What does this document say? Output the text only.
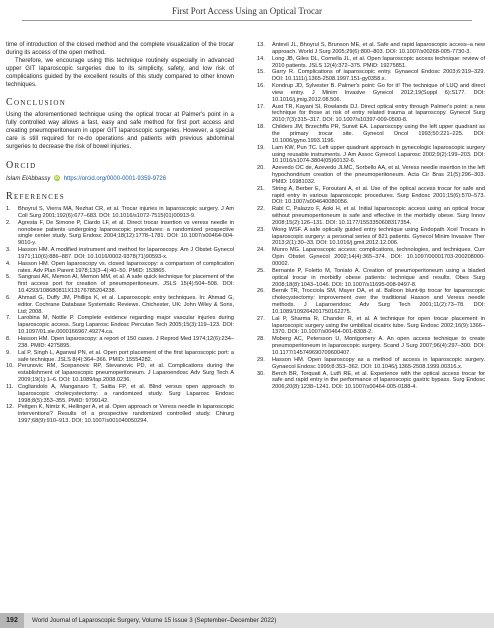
First Port Access Using an Optical Trocar

time of introduction of the closed method and the complete visualization of the trocar during its access of the open method.

Therefore, we encourage using this technique routinely especially in advanced upper GIT laparoscopic surgeries due to its simplicity, safety, and low risk of complications guided by the excellent results of this study compared to other known techniques.

Conclusion

Using the aforementioned technique using the optical trocar at Palmer's point in a fully controlled way allows a fast, easy and safe method for first port access and creating pneumoperitoneum in upper GIT laparoscopic surgeries. However, a special care is still required for re-do operations and patients with previous abdominal surgeries to decrease the risk of bowel injuries.

Orcid

Islam ElAbbassy iD https://orcid.org/0000-0001-9359-9726

References

1. Bhoyrul S, Vierra MA, Nezhat CR, et al. Trocar injuries in laparoscopic surgery. J Am Coll Surg 2001;192(6):677–683. DOI: 10.1016/s1072-7515(01)00913-9.

2. Agresta F, De Simone P, Ciardo LF, et al. Direct trocar insertion vs veress needle in nonobese patients undergoing laparoscopic procedures: a randomized prospective single center study. Surg Endosc 2004;18(12):1778–1781. DOI: 10.1007/s00464-004-9010-y.

3. Hasson HM. A modified instrument and method for laparoscopy. Am J Obstet Gynecol 1971;110(6):886–887. DOI: 10.1016/0002-9378(71)90593-x.

4. Hasson HM. Open laparoscopy vs. closed laparoscopy: a comparison of complication rates. Adv Plan Parent 1978;13(3–4):40–50. PMID: 153865.

5. Sangrasi AK, Memon AI, Memon MM, et al. A safe quick technique for placement of the first access port for creation of pneumoperitoneum. JSLS 15(4):504–508. DOI: 10.4293/108680811X13176785204238.

6. Ahmad G, Duffy JM, Phillips K, et al. Laparoscopic entry techniques. In: Ahmad G, editor. Cochrane Database Systematic Reviews. Chichester, UK: John Wiley & Sons, Ltd; 2008.

7. Larobina M, Nottle P. Complete evidence regarding major vascular injuries during laparoscopic access. Surg Laparosc Endosc Percutan Tech 2005;15(3):119–123. DOI: 10.1097/01.sle.0000166967.49274.ca.

8. Hasson HM. Open laparoscopy: a report of 150 cases. J Reprod Med 1974;12(6):234–238. PMID: 4275895.

9. Lal P, Singh L, Agarwal PN, et al. Open port placement of the first laparoscopic port: a safe technique. JSLS 8(4):364–366. PMID: 15554282.

10. Perunovic RM, Scepanovic RP, Stevanovic PD, et al. Complications during the establishment of laparoscopic pneumoperitoneum. J Laparoendosc Adv Surg Tech A 2009;19(1):1–6. DOI: 10.1089/lap.2008.0236.

11. Cogliandolo A, Manganaro T, Saitta FP, et al. Blind versus open approach to laparoscopic cholecystectomy: a randomized study. Surg Laparosc Endosc 1998;8(5):353–355. PMID: 9799142.

12. Peitgen K, Nimtz K, Hellinger A, et al. Open approach or Veress needle in laparoscopic interventions? Results of a prospective randomized controlled study. Chirurg 1997;68(9):910–913. DOI: 10.1007/s001040050294.

13. Antevil JL, Bhoyrul S, Brunson ME, et al. Safe and rapid laparoscopic access–a new approach. World J Surg 2005;29(6):800–803. DOI: 10.1007/s00268-005-7730-3.

14. Long JB, Giles DL, Cornella JL, et al. Open laparoscopic access technique: review of 2010 patients. JSLS 12(4):372–375. PMID: 19275851.

15. Garry R. Complications of laparoscopic entry. Gynaecol Endosc 2003;6:319–329. DOI: 10.1111/j.1365-2508.1997.151-gy0358.x.

16. Kondrup JD, Sylvester B. Palmer's point: Go for it! The technique of LUQ and direct view entry. J Minim Invasive Gynecol 2012;19(Suppl 6):S177. DOI: 10.1016/j.jmig.2012.08.506.

17. Aust TR, Kayani SI, Rowlands DJ. Direct optical entry through Palmer's point: a new technique for those at risk of entry related trauma at laparoscopy. Gynecol Surg 2010;7(3):315–317. DOI: 10.1007/s10397-009-0500-8.

18. Childers JM, Brzechffa PR, Surwit EA. Laparoscopy using the left upper quadrant as the primary trocar site. Gynecol Oncol 1993;50:221–225. DOI: 10.1006/gyno.1993.1196.

19. Lam KW, Pun TC. Left upper quadrant approach in gynecologic laparoscopic surgery using reusable instruments. J Am Assoc Gynecol Laparosc 2002;9(2):199–203. DOI: 10.1016/s1074-3804(05)60132-6.

20. Azevedo OC de, Azevedo JLMC, Sorbello AA, et al. Veress needle insertion in the left hypochondrium creation of the pneumoperitoneum. Acta Cir Bras 21(5):296–303. PMID: 16981032.

21. String A, Berber E, Foroutani A, et al. Use of the optical access trocar for safe and rapid entry in various laparoscopic procedures. Surg Endosc 2001;15(6):570–573. DOI: 10.1007/s004640080056.

22. Rabl C, Palazzo F, Aoki H, et al. Initial laparoscopic access using an optical trocar without pneumoperitoneum is safe and effective in the morbidly obese. Surg Innov 2008;15(2):126–131. DOI: 10.1177/1553350608317354.

23. Wong WSF. A safe optically guided entry technique using Endopath Xcel Trocars in laparoscopic surgery: a personal series of 821 patients. Gynecol Minim Invasive Ther 2013;2(1):30–33. DOI: 10.1016/j.gmit.2012.12.006.

24. Munro MG. Laparoscopic access: complications, technologies, and techniques. Curr Opin Obstet Gynecol 2002;14(4):365–374. DOI: 10.1097/00001703-200208000-00002.

25. Bernante P, Foletto M, Toniato A. Creation of pneumoperitoneum using a bladed optical trocar in morbidly obese patients: technique and results. Obes Surg 2008;18(8):1043–1046. DOI: 10.1007/s11695-008-9497-8.

26. Bernik TR, Trocciola SM, Mayer DA, et al. Balloon blunt-tip trocar for laparoscopic cholecystectomy: improvement over the traditional Hasson and Veress needle methods. J Laparoendosc Adv Surg Tech 2001;11(2):73–78. DOI: 10.1089/109264201750162275.

27. Lal P, Sharma R, Chander R, et al. A technique for open trocar placement in laparoscopic surgery using the umbilical cicatrix tube. Surg Endosc 2002;16(9):1366–1370. DOI: 10.1007/s00464-001-8308-2.

28. Moberg AC, Petersson U, Montgomery A. An open access technique to create pneumoperitoneum in laparoscopic surgery. Scand J Surg 2007;96(4):297–300. DOI: 10.1177/145749690709600407.

29. Hasson HM. Open laparoscopy as a method of access in laparoscopic surgery. Gynaecol Endosc 1999;8:353–362. DOI: 10.1046/j.1365-2508.1999.00316.x.

30. Berch BR, Torquati A, Lutfi RE, et al. Experience with the optical access trocar for safe and rapid entry in the performance of laparoscopic gastric bypass. Surg Endosc 2006;20(8):1238–1241. DOI: 10.1007/s00464-005-0188-4.

192	World Journal of Laparoscopic Surgery, Volume 15 Issue 3 (September–December 2022)
